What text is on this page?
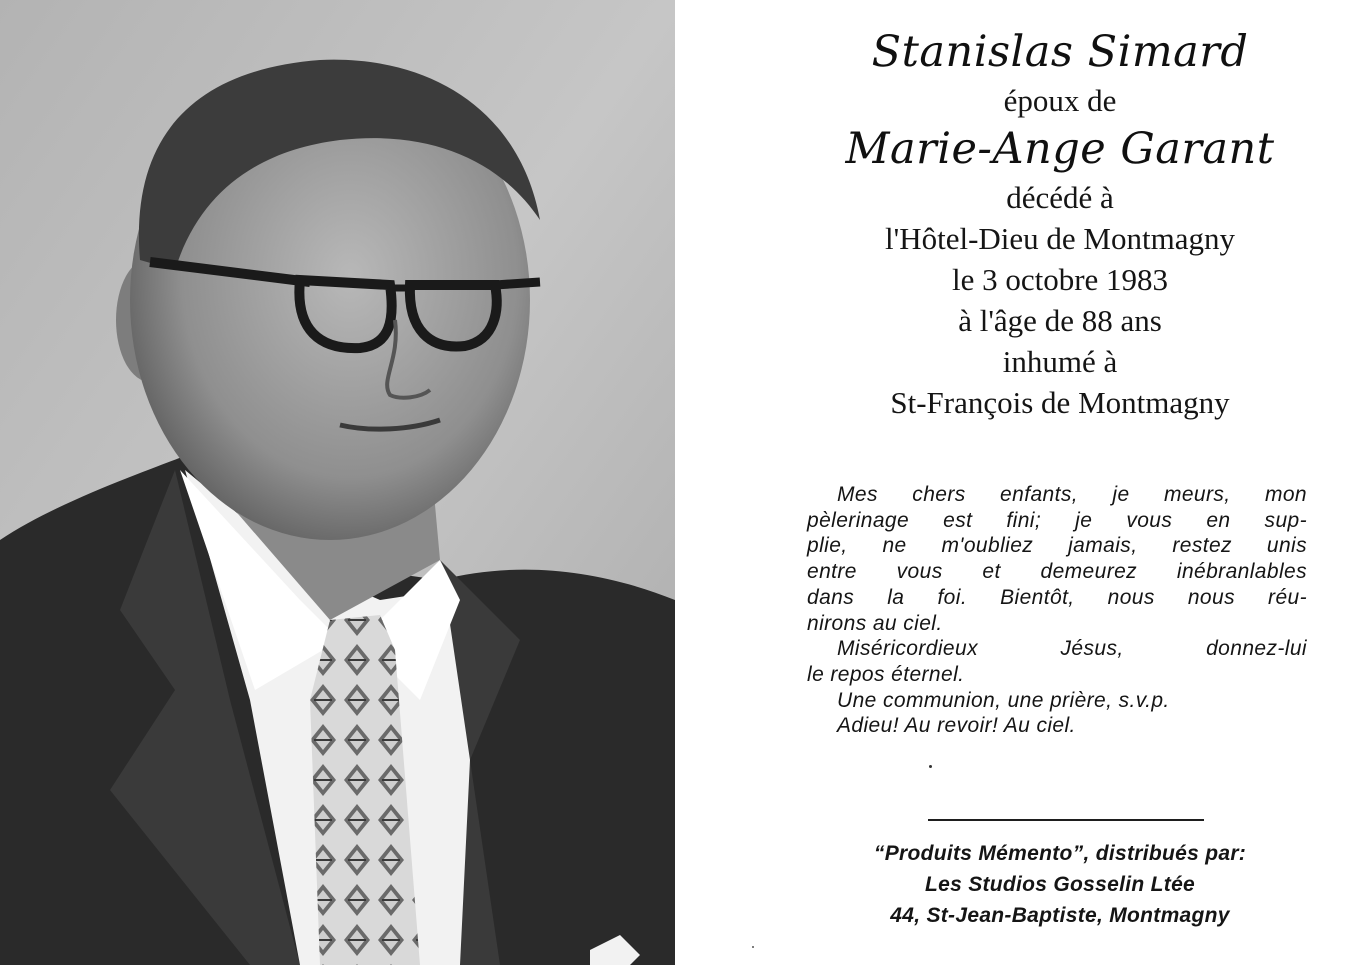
Stanislas Simard
époux de
Marie-Ange Garant
décédé à
l'Hôtel-Dieu de Montmagny
le 3 octobre 1983
à l'âge de 88 ans
inhumé à
St-François de Montmagny
Mes chers enfants, je meurs, mon
pèlerinage est fini; je vous en sup-
plie, ne m'oubliez jamais, restez unis
entre vous et demeurez inébranlables
dans la foi. Bientôt, nous nous réu-
nirons au ciel.
Miséricordieux Jésus, donnez-lui
le repos éternel.
Une communion, une prière, s.v.p.
Adieu! Au revoir! Au ciel.
“Produits Mémento”, distribués par:
Les Studios Gosselin Ltée
44, St-Jean-Baptiste, Montmagny
